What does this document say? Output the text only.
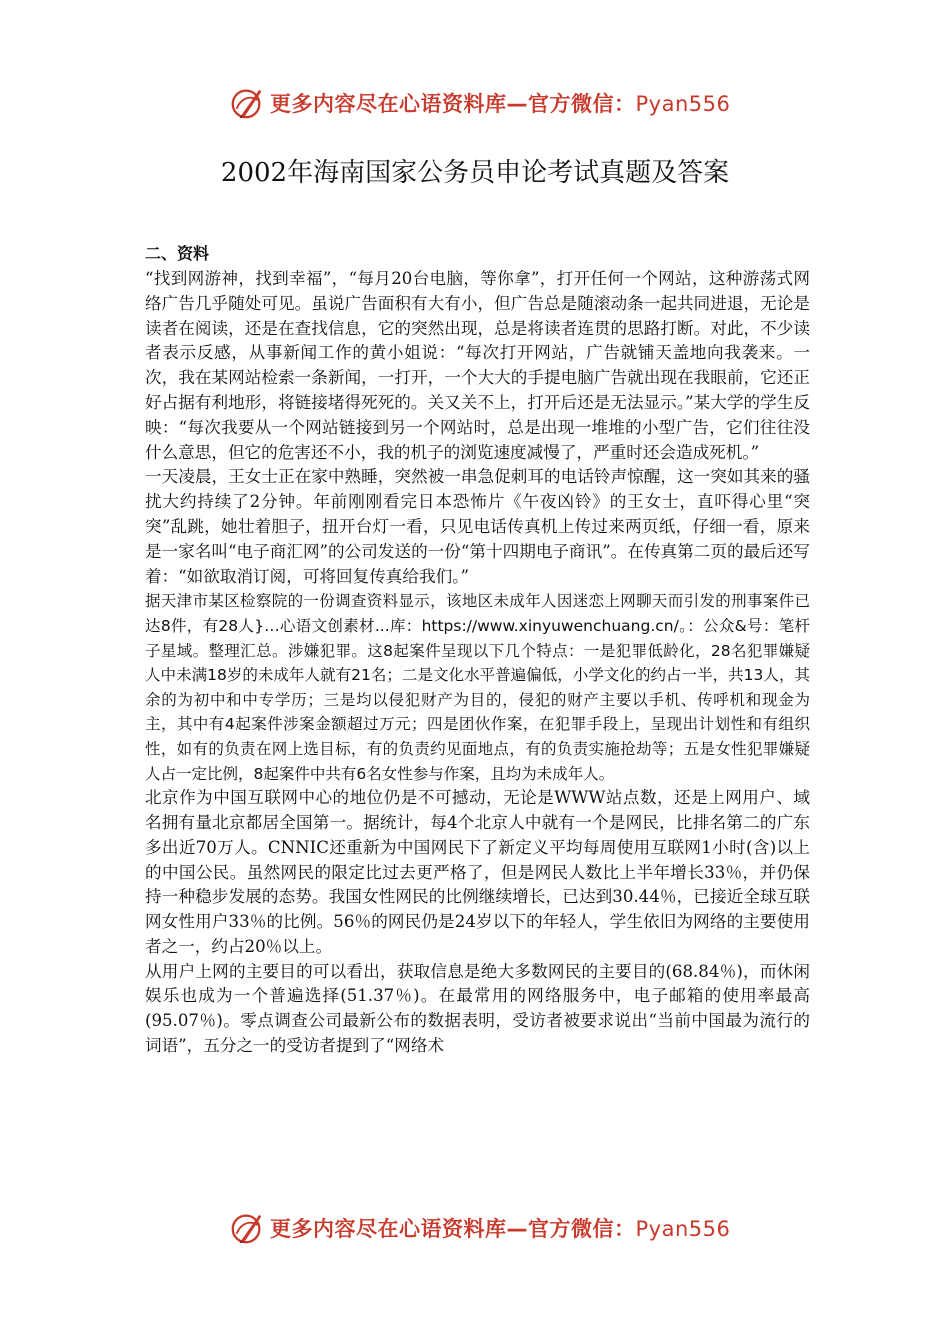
更多内容尽在心语资料库—官方微信：Pyan556
2002年海南国家公务员申论考试真题及答案
二、资料

“找到网游神，找到幸福”，“每月20台电脑，等你拿”，打开任何一个网站，这种游荡式网络广告几乎随处可见。虽说广告面积有大有小，但广告总是随滚动条一起共同进退，无论是读者在阅读，还是在查找信息，它的突然出现，总是将读者连贯的思路打断。对此，不少读者表示反感，从事新闻工作的黄小姐说：“每次打开网站，广告就铺天盖地向我袭来。一次，我在某网站检索一条新闻，一打开，一个大大的手提电脑广告就出现在我眼前，它还正好占据有利地形，将链接堵得死死的。关又关不上，打开后还是无法显示。”某大学的学生反映：“每次我要从一个网站链接到另一个网站时，总是出现一堆堆的小型广告，它们往往没什么意思，但它的危害还不小，我的机子的浏览速度减慢了，严重时还会造成死机。”

一天凌晨，王女士正在家中熟睡，突然被一串急促刺耳的电话铃声惊醒，这一突如其来的骚扰大约持续了2分钟。年前刚刚看完日本恐怖片《午夜凶铃》的王女士，直吓得心里“突突”乱跳，她壮着胆子，扭开台灯一看，只见电话传真机上传过来两页纸，仔细一看，原来是一家名叫“电子商汇网”的公司发送的一份“第十四期电子商讯”。在传真第二页的最后还写着：“如欲取消订阅，可将回复传真给我们。”

据天津市某区检察院的一份调查资料显示，该地区未成年人因迷恋上网聊天而引发的刑事案件已达8件，有28人}…心语文创素材...库：https://www.xinyuwenchuang.cn/。：公众&号：笔杆子星域。整理汇总。涉嫌犯罪。这8起案件呈现以下几个特点：一是犯罪低龄化，28名犯罪嫌疑人中未满18岁的未成年人就有21名；二是文化水平普遍偏低，小学文化的约占一半，共13人，其余的为初中和中专学历；三是均以侵犯财产为目的，侵犯的财产主要以手机、传呼机和现金为主，其中有4起案件涉案金额超过万元；四是团伙作案，在犯罪手段上，呈现出计划性和有组织性，如有的负责在网上选目标，有的负责约见面地点，有的负责实施抢劫等；五是女性犯罪嫌疑人占一定比例，8起案件中共有6名女性参与作案，且均为未成年人。

北京作为中国互联网中心的地位仍是不可撼动，无论是WWW站点数，还是上网用户、域名拥有量北京都居全国第一。据统计，每4个北京人中就有一个是网民，比排名第二的广东多出近70万人。CNNIC还重新为中国网民下了新定义平均每周使用互联网1小时(含)以上的中国公民。虽然网民的限定比过去更严格了，但是网民人数比上半年增长33％，并仍保持一种稳步发展的态势。我国女性网民的比例继续增长，已达到30.44％，已接近全球互联网女性用户33％的比例。56％的网民仍是24岁以下的年轻人，学生依旧为网络的主要使用者之一，约占20％以上。

从用户上网的主要目的可以看出，获取信息是绝大多数网民的主要目的(68.84％)，而休闲娱乐也成为一个普遍选择(51.37％)。在最常用的网络服务中，电子邮箱的使用率最高(95.07％)。零点调查公司最新公布的数据表明，受访者被要求说出“当前中国最为流行的词语”，五分之一的受访者提到了“网络术

更多内容尽在心语资料库—官方微信：Pyan556
